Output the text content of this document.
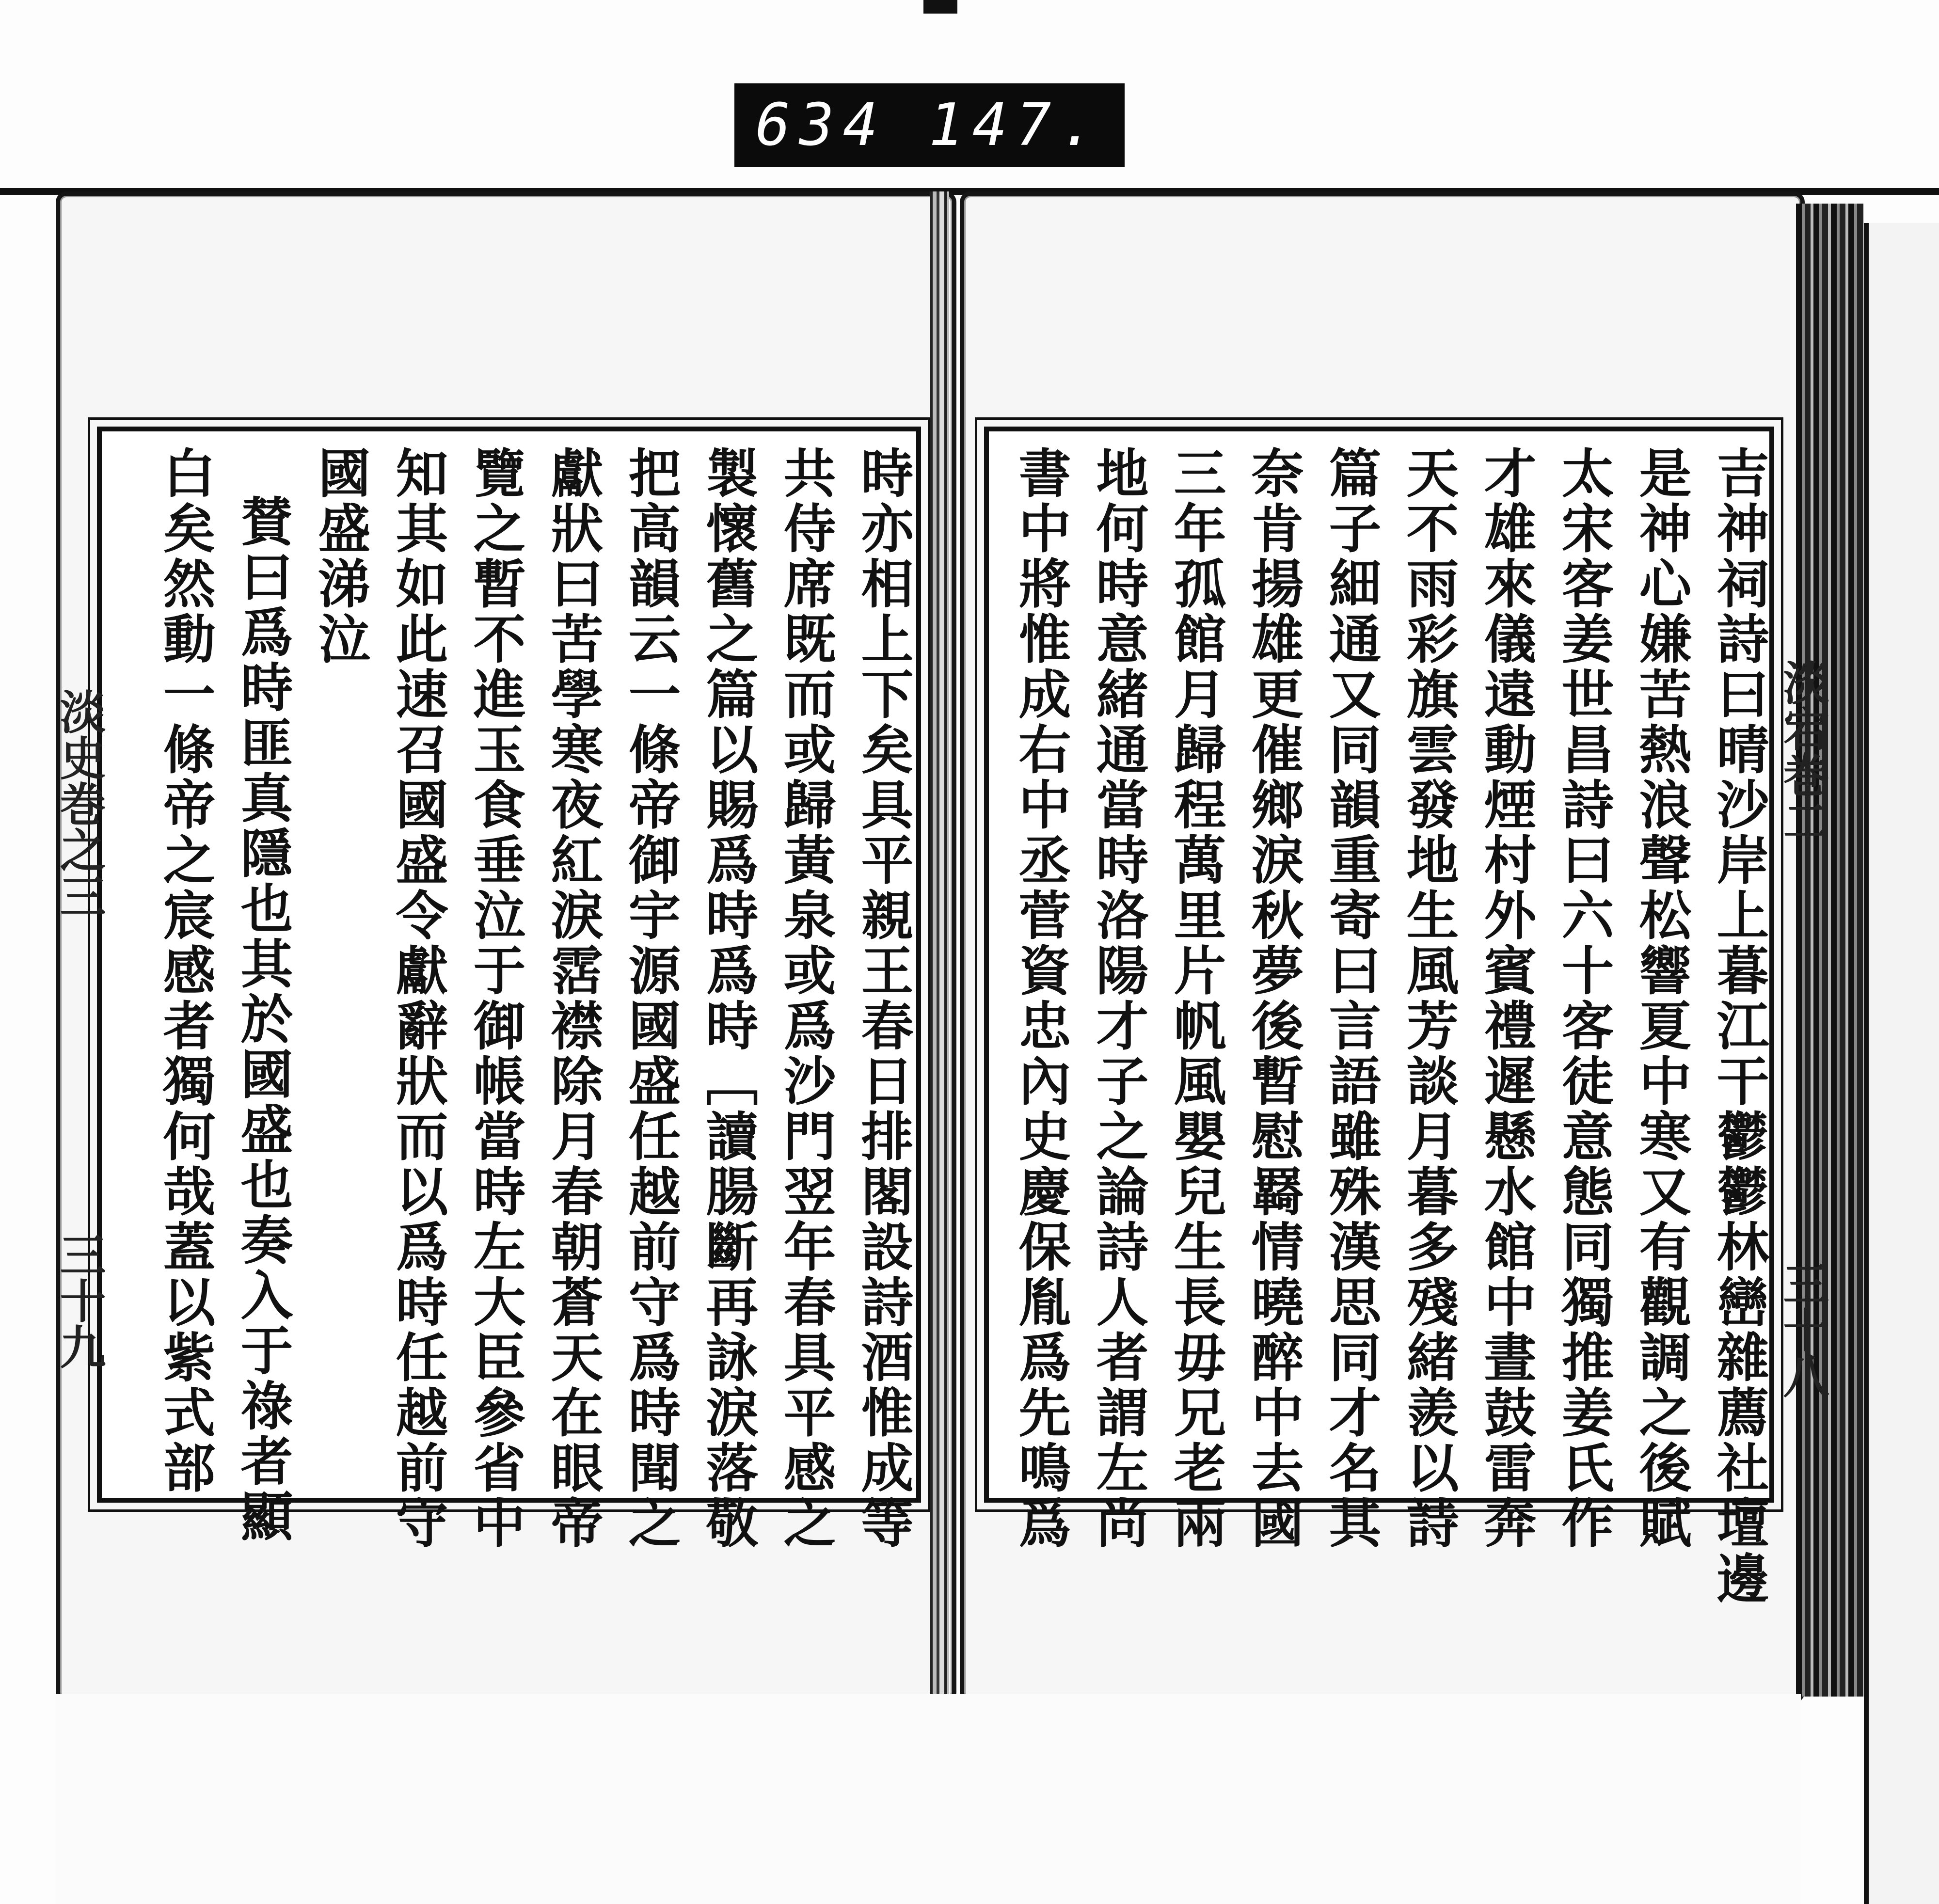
634 147.
吉神祠詩曰晴沙岸上暮江干鬱鬱林巒雜薦社壇邊
是神心嫌苦熱浪聲松響夏中寒又有觀調之後賦
太宋客姜世昌詩曰六十客徒意態同獨推姜氏作
才雄來儀遠動煙村外賓禮遲懸水館中晝鼓雷奔
天不雨彩旗雲發地生風芳談月暮多殘緒羨以詩
篇子細通又同韻重寄曰言語雖殊漢思同才名其
奈肯揚雄更催鄉淚秋夢後暫慰羇情曉醉中去國
三年孤館月歸程萬里片帆風嬰兒生長毋兄老兩
地何時意緒通當時洛陽才子之論詩人者謂左尚
書中將惟成右中丞菅資忠內史慶保胤爲先鳴爲	淡宕巻二
三十八
時亦相上下矣具平親王春日排閣設詩酒惟成等
共侍席既而或歸黃泉或爲沙門翌年春具平感之
製懷舊之篇以賜爲時爲時［讀腸斷再詠淚落敬
把高韻云一條帝御宇源國盛任越前守爲時聞之
獻狀曰苦學寒夜紅淚霑襟除月春朝蒼天在眼帝
覽之暫不進玉食垂泣于御帳當時左大臣參省中
知其如此速召國盛令獻辭狀而以爲時任越前守
國盛涕泣
賛曰爲時匪真隱也其於國盛也奏入于祿者顯
白矣然動一條帝之宸感者獨何哉蓋以紫式部
淡史巻之三
三十九
